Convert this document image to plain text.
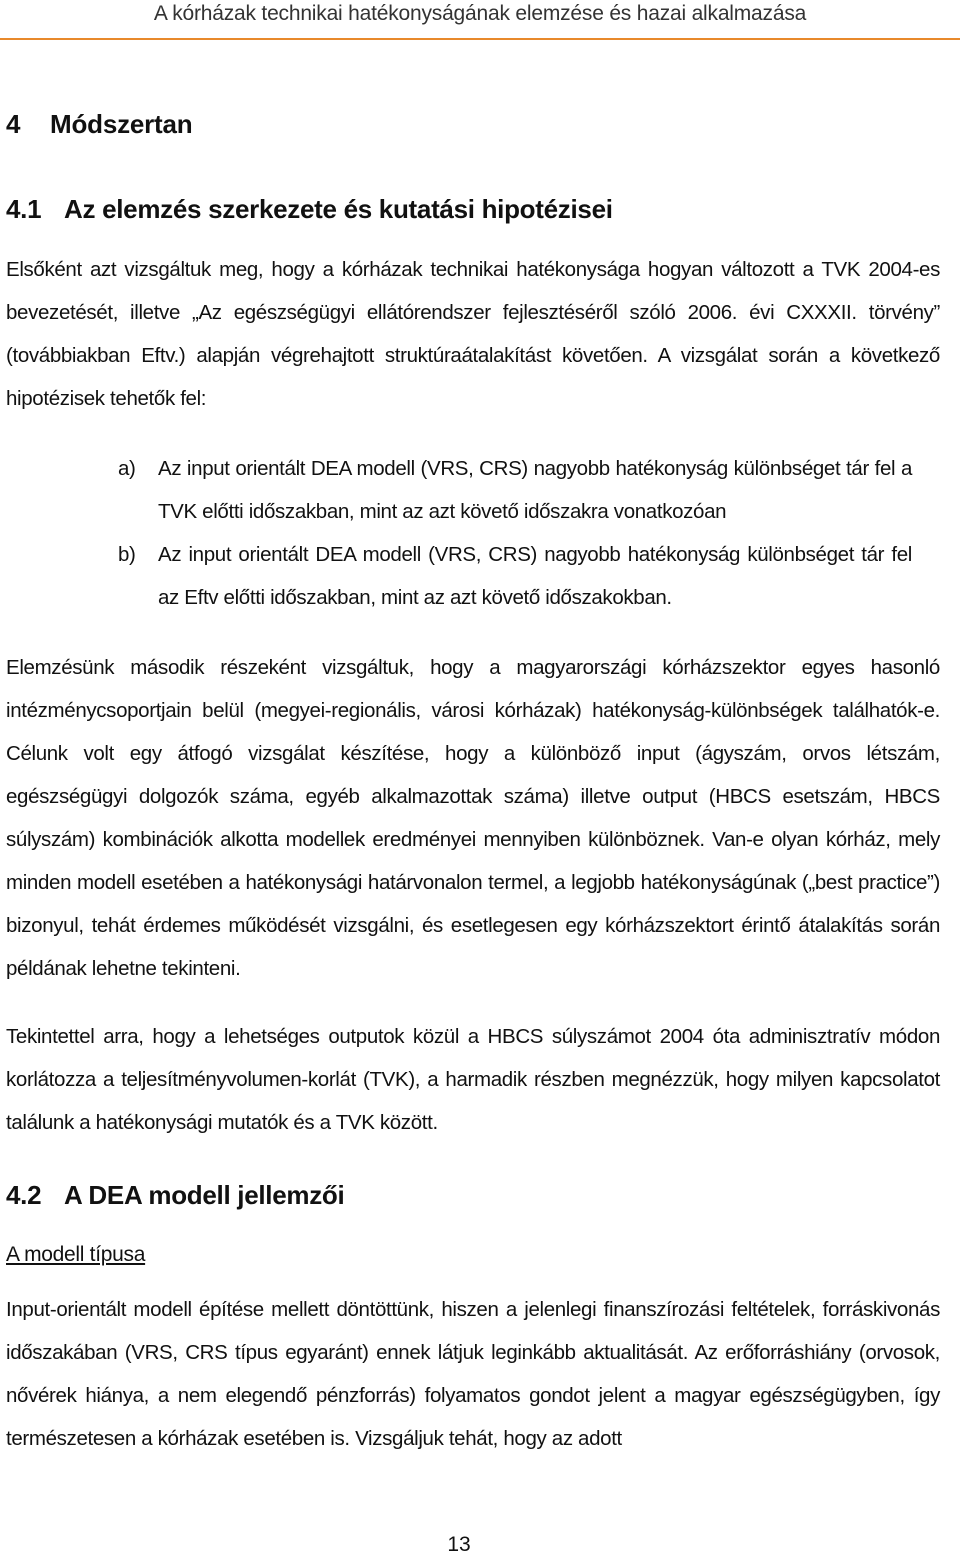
A kórházak technikai hatékonyságának elemzése és hazai alkalmazása
4 Módszertan
4.1 Az elemzés szerkezete és kutatási hipotézisei
Elsőként azt vizsgáltuk meg, hogy a kórházak technikai hatékonysága hogyan változott a TVK 2004-es bevezetését, illetve „Az egészségügyi ellátórendszer fejlesztéséről szóló 2006. évi CXXXII. törvény” (továbbiakban Eftv.) alapján végrehajtott struktúraátalakítást követően. A vizsgálat során a következő hipotézisek tehetők fel:
a)	Az input orientált DEA modell (VRS, CRS) nagyobb hatékonyság különbséget tár fel a TVK előtti időszakban, mint az azt követő időszakra vonatkozóan
b)	Az input orientált DEA modell (VRS, CRS) nagyobb hatékonyság különbséget tár fel az Eftv előtti időszakban, mint az azt követő időszakokban.
Elemzésünk második részeként vizsgáltuk, hogy a magyarországi kórházszektor egyes hasonló intézménycsoportjain belül (megyei-regionális, városi kórházak) hatékonyság-különbségek találhatók-e. Célunk volt egy átfogó vizsgálat készítése, hogy a különböző input (ágyszám, orvos létszám, egészségügyi dolgozók száma, egyéb alkalmazottak száma) illetve output (HBCS esetszám, HBCS súlyszám) kombinációk alkotta modellek eredményei mennyiben különböznek. Van-e olyan kórház, mely minden modell esetében a hatékonysági határvonalon termel, a legjobb hatékonyságúnak („best practice”) bizonyul, tehát érdemes működését vizsgálni, és esetlegesen egy kórházszektort érintő átalakítás során példának lehetne tekinteni.
Tekintettel arra, hogy a lehetséges outputok közül a HBCS súlyszámot 2004 óta adminisztratív módon korlátozza a teljesítményvolumen-korlát (TVK), a harmadik részben megnézzük, hogy milyen kapcsolatot találunk a hatékonysági mutatók és a TVK között.
4.2 A DEA modell jellemzői
A modell típusa
Input-orientált modell építése mellett döntöttünk, hiszen a jelenlegi finanszírozási feltételek, forráskivonás időszakában (VRS, CRS típus egyaránt) ennek látjuk leginkább aktualitását. Az erőforráshiány (orvosok, nővérek hiánya, a nem elegendő pénzforrás) folyamatos gondot jelent a magyar egészségügyben, így természetesen a kórházak esetében is. Vizsgáljuk tehát, hogy az adott
13
